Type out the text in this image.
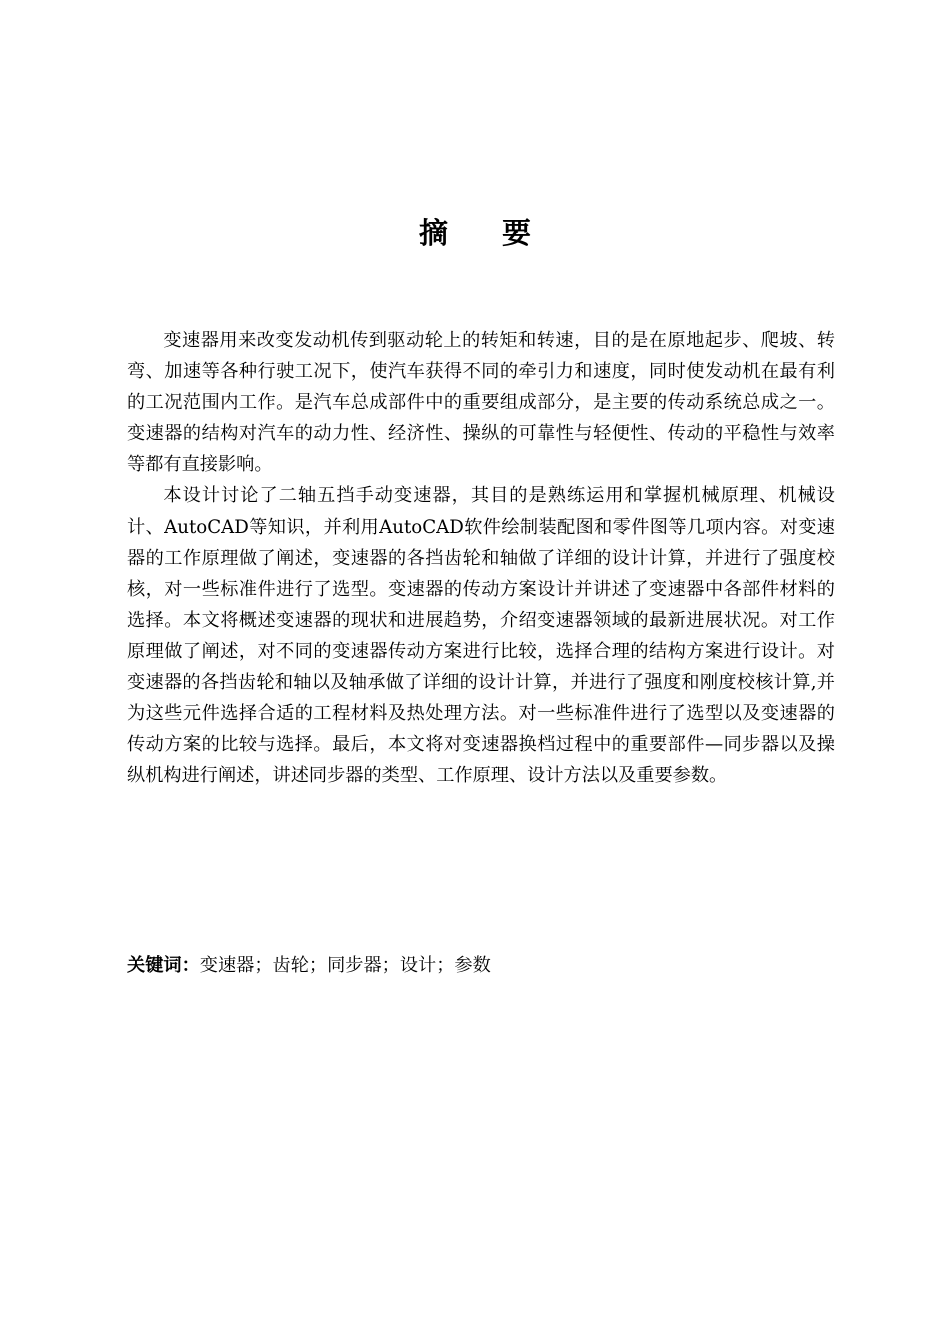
摘 要

变速器用来改变发动机传到驱动轮上的转矩和转速，目的是在原地起步、爬坡、转弯、加速等各种行驶工况下，使汽车获得不同的牵引力和速度，同时使发动机在最有利的工况范围内工作。是汽车总成部件中的重要组成部分，是主要的传动系统总成之一。变速器的结构对汽车的动力性、经济性、操纵的可靠性与轻便性、传动的平稳性与效率等都有直接影响。

本设计讨论了二轴五挡手动变速器，其目的是熟练运用和掌握机械原理、机械设计、AutoCAD等知识，并利用AutoCAD软件绘制装配图和零件图等几项内容。对变速器的工作原理做了阐述，变速器的各挡齿轮和轴做了详细的设计计算，并进行了强度校核，对一些标准件进行了选型。变速器的传动方案设计并讲述了变速器中各部件材料的选择。本文将概述变速器的现状和进展趋势，介绍变速器领域的最新进展状况。对工作原理做了阐述，对不同的变速器传动方案进行比较，选择合理的结构方案进行设计。对变速器的各挡齿轮和轴以及轴承做了详细的设计计算，并进行了强度和刚度校核计算,并为这些元件选择合适的工程材料及热处理方法。对一些标准件进行了选型以及变速器的传动方案的比较与选择。最后，本文将对变速器换档过程中的重要部件—同步器以及操纵机构进行阐述，讲述同步器的类型、工作原理、设计方法以及重要参数。

关键词：变速器；齿轮；同步器；设计；参数
